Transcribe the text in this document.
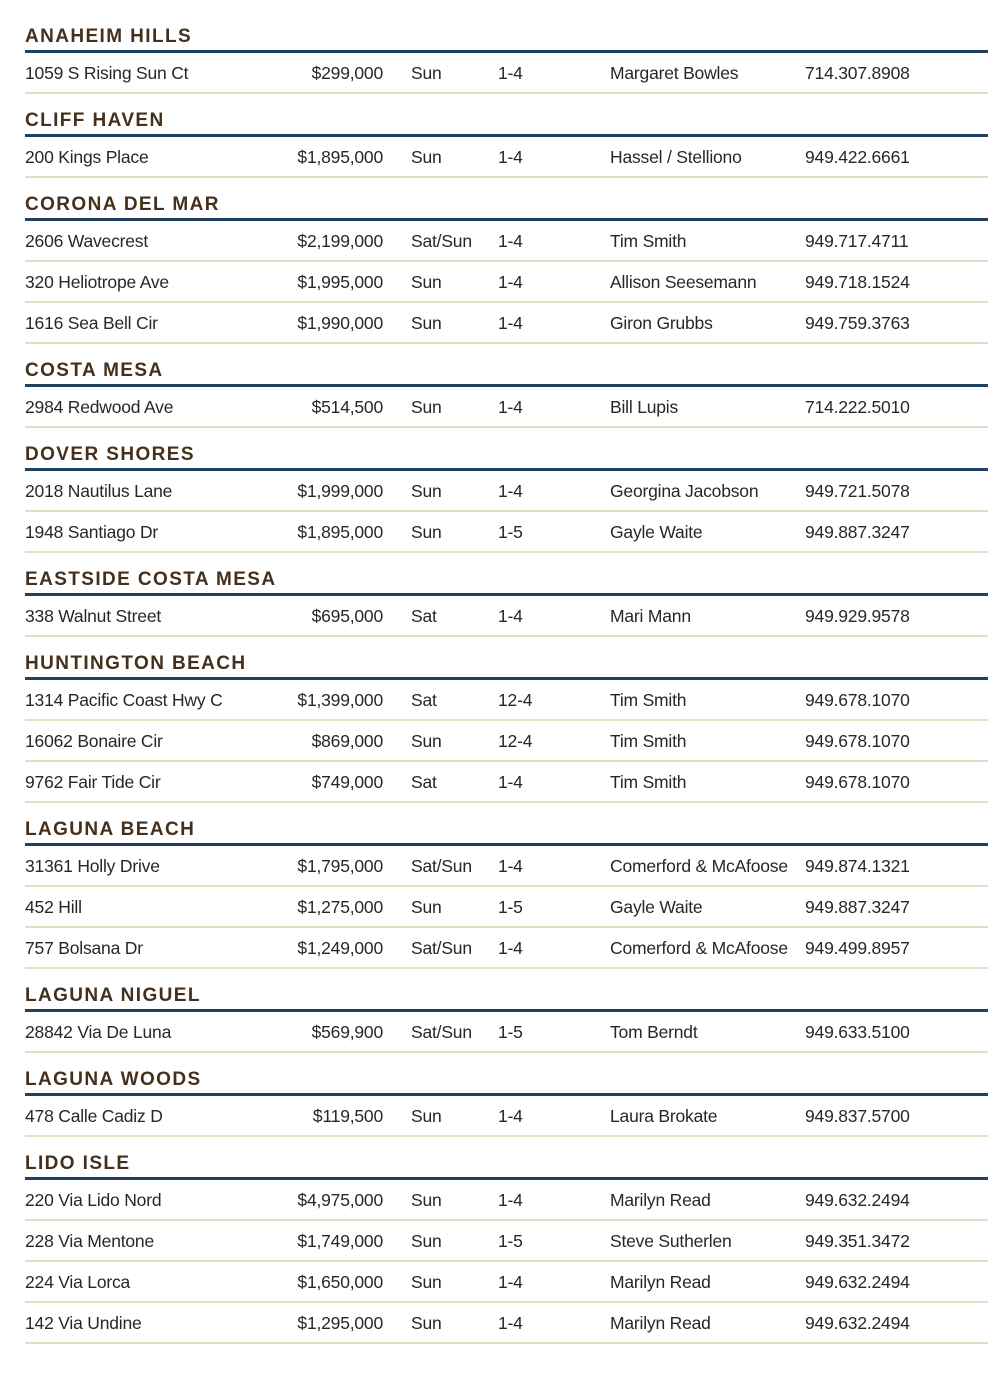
ANAHEIM HILLS
1059 S Rising Sun Ct	$299,000	Sun	1-4	Margaret Bowles	714.307.8908
CLIFF HAVEN
200 Kings Place	$1,895,000	Sun	1-4	Hassel / Stelliono	949.422.6661
CORONA DEL MAR
2606 Wavecrest	$2,199,000	Sat/Sun	1-4	Tim Smith	949.717.4711
320 Heliotrope Ave	$1,995,000	Sun	1-4	Allison Seesemann	949.718.1524
1616 Sea Bell Cir	$1,990,000	Sun	1-4	Giron Grubbs	949.759.3763
COSTA MESA
2984 Redwood Ave	$514,500	Sun	1-4	Bill Lupis	714.222.5010
DOVER SHORES
2018 Nautilus Lane	$1,999,000	Sun	1-4	Georgina Jacobson	949.721.5078
1948 Santiago Dr	$1,895,000	Sun	1-5	Gayle Waite	949.887.3247
EASTSIDE COSTA MESA
338 Walnut Street	$695,000	Sat	1-4	Mari Mann	949.929.9578
HUNTINGTON BEACH
1314 Pacific Coast Hwy C	$1,399,000	Sat	12-4	Tim Smith	949.678.1070
16062 Bonaire Cir	$869,000	Sun	12-4	Tim Smith	949.678.1070
9762 Fair Tide Cir	$749,000	Sat	1-4	Tim Smith	949.678.1070
LAGUNA BEACH
31361 Holly Drive	$1,795,000	Sat/Sun	1-4	Comerford & McAfoose 949.874.1321
452 Hill	$1,275,000	Sun	1-5	Gayle Waite	949.887.3247
757 Bolsana Dr	$1,249,000	Sat/Sun	1-4	Comerford & McAfoose 949.499.8957
LAGUNA NIGUEL
28842 Via De Luna	$569,900	Sat/Sun	1-5	Tom Berndt	949.633.5100
LAGUNA WOODS
478 Calle Cadiz D	$119,500	Sun	1-4	Laura Brokate	949.837.5700
LIDO ISLE
220 Via Lido Nord	$4,975,000	Sun	1-4	Marilyn Read	949.632.2494
228 Via Mentone	$1,749,000	Sun	1-5	Steve Sutherlen	949.351.3472
224 Via Lorca	$1,650,000	Sun	1-4	Marilyn Read	949.632.2494
142 Via Undine	$1,295,000	Sun	1-4	Marilyn Read	949.632.2494
